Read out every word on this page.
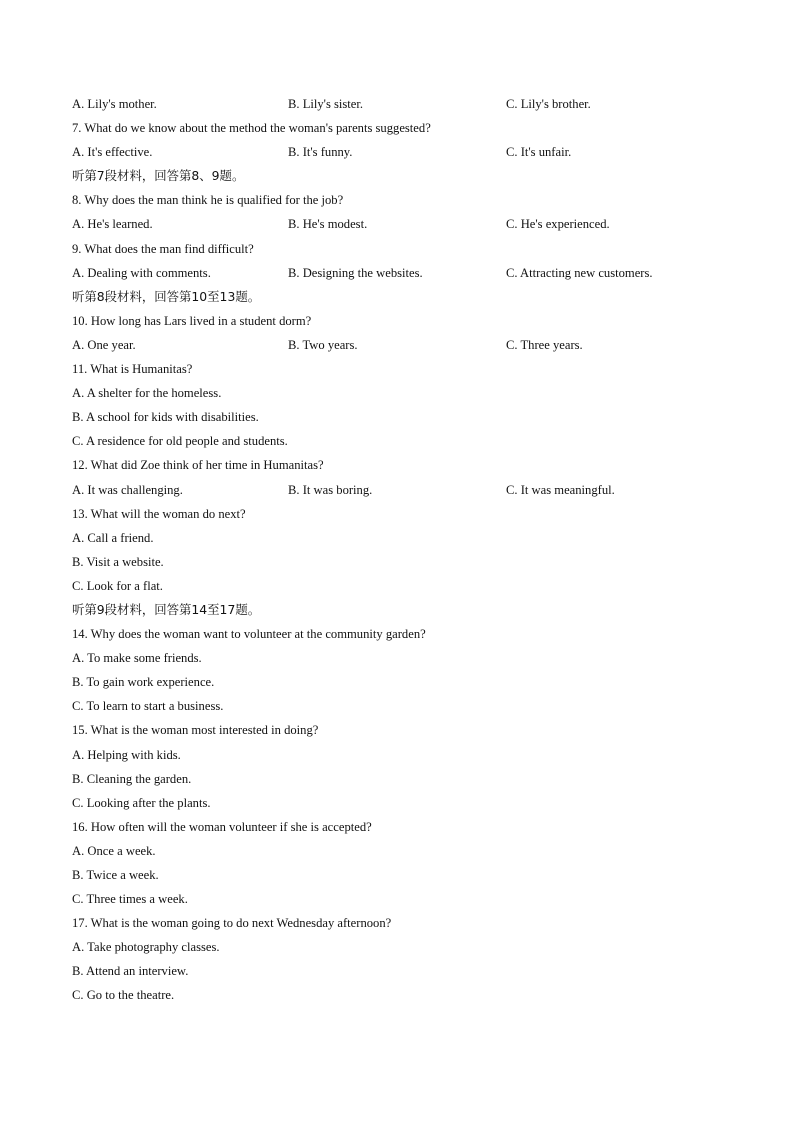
A. Lily's mother.	B. Lily's sister.	C. Lily's brother.
7. What do we know about the method the woman's parents suggested?
A. It's effective.	B. It's funny.	C. It's unfair.
听第7段材料，回答第8、9题。
8. Why does the man think he is qualified for the job?
A. He's learned.	B. He's modest.	C. He's experienced.
9. What does the man find difficult?
A. Dealing with comments.	B. Designing the websites.	C. Attracting new customers.
听第8段材料，回答第10至13题。
10. How long has Lars lived in a student dorm?
A. One year.	B. Two years.	C. Three years.
11. What is Humanitas?
A. A shelter for the homeless.
B. A school for kids with disabilities.
C. A residence for old people and students.
12. What did Zoe think of her time in Humanitas?
A. It was challenging.	B. It was boring.	C. It was meaningful.
13. What will the woman do next?
A. Call a friend.
B. Visit a website.
C. Look for a flat.
听第9段材料，回答第14至17题。
14. Why does the woman want to volunteer at the community garden?
A. To make some friends.
B. To gain work experience.
C. To learn to start a business.
15. What is the woman most interested in doing?
A. Helping with kids.
B. Cleaning the garden.
C. Looking after the plants.
16. How often will the woman volunteer if she is accepted?
A. Once a week.
B. Twice a week.
C. Three times a week.
17. What is the woman going to do next Wednesday afternoon?
A. Take photography classes.
B. Attend an interview.
C. Go to the theatre.
